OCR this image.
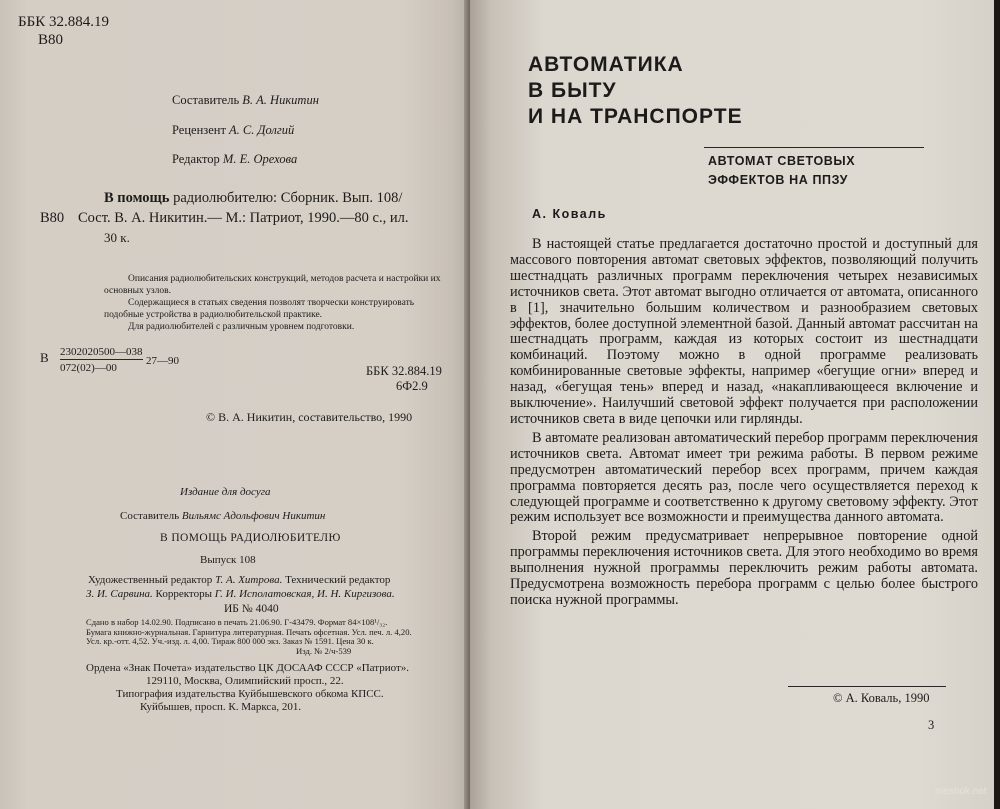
ББК 32.884.19
В80
Составитель В. А. Никитин
Рецензент А. С. Долгий
Редактор М. Е. Орехова
В помощь радиолюбителю: Сборник. Вып. 108/
В80 Сост. В. А. Никитин.— М.: Патриот, 1990.—80 с., ил.
30 к.

Описания радиолюбительских конструкций, методов расчета и настройки их основных узлов.

Содержащиеся в статьях сведения позволят творчески конструировать подобные устройства в радиолюбительской практике.

Для радиолюбителей с различным уровнем подготовки.

В 2302020500—038
072(02)—00
27—90
ББК 32.884.19
6Ф2.9
© В. А. Никитин, составительство, 1990
Издание для досуга
Составитель Вильямс Адольфович Никитин
В ПОМОЩЬ РАДИОЛЮБИТЕЛЮ
Выпуск 108
Художественный редактор Т. А. Хитрова. Технический редактор
З. И. Сарвина. Корректоры Г. И. Исполатовская, И. Н. Киргизова.
ИБ № 4040
Сдано в набор 14.02.90. Подписано в печать 21.06.90. Г-43479. Формат 84×108¹/₃₂.
Бумага книжно-журнальная. Гарнитура литературная. Печать офсетная. Усл. печ. л. 4,20.
Усл. кр.-отт. 4,52. Уч.-изд. л. 4,00. Тираж 800 000 экз. Заказ № 1591. Цена 30 к.
Изд. № 2/ч-539
Ордена «Знак Почета» издательство ЦК ДОСААФ СССР «Патриот».
129110, Москва, Олимпийский просп., 22.
Типография издательства Куйбышевского обкома КПСС.
Куйбышев, просп. К. Маркса, 201.
АВТОМАТИКА
В БЫТУ
И НА ТРАНСПОРТЕ
АВТОМАТ СВЕТОВЫХ
ЭФФЕКТОВ НА ППЗУ
А. Коваль

В настоящей статье предлагается достаточно простой и доступный для массового повторения автомат световых эффектов, позволяющий получить шестнадцать различных программ переключения четырех независимых источников света. Этот автомат выгодно отличается от автомата, описанного в [1], значительно большим количеством и разнообразием световых эффектов, более доступной элементной базой. Данный автомат рассчитан на шестнадцать программ, каждая из которых состоит из шестнадцати комбинаций. Поэтому можно в одной программе реализовать комбинированные световые эффекты, например «бегущие огни» вперед и назад, «бегущая тень» вперед и назад, «накапливающееся включение и выключение». Наилучший световой эффект получается при расположении источников света в виде цепочки или гирлянды.

В автомате реализован автоматический перебор программ переключения источников света. Автомат имеет три режима работы. В первом режиме предусмотрен автоматический перебор всех программ, причем каждая программа повторяется десять раз, после чего осуществляется переход к следующей программе и соответственно к другому световому эффекту. Этот режим использует все возможности и преимущества данного автомата.

Второй режим предусматривает непрерывное повторение одной программы переключения источников света. Для этого необходимо во время выполнения нужной программы переключить режим работы автомата. Предусмотрена возможность перебора программ с целью более быстрого поиска нужной программы.

© А. Коваль, 1990
3
meshok.net
